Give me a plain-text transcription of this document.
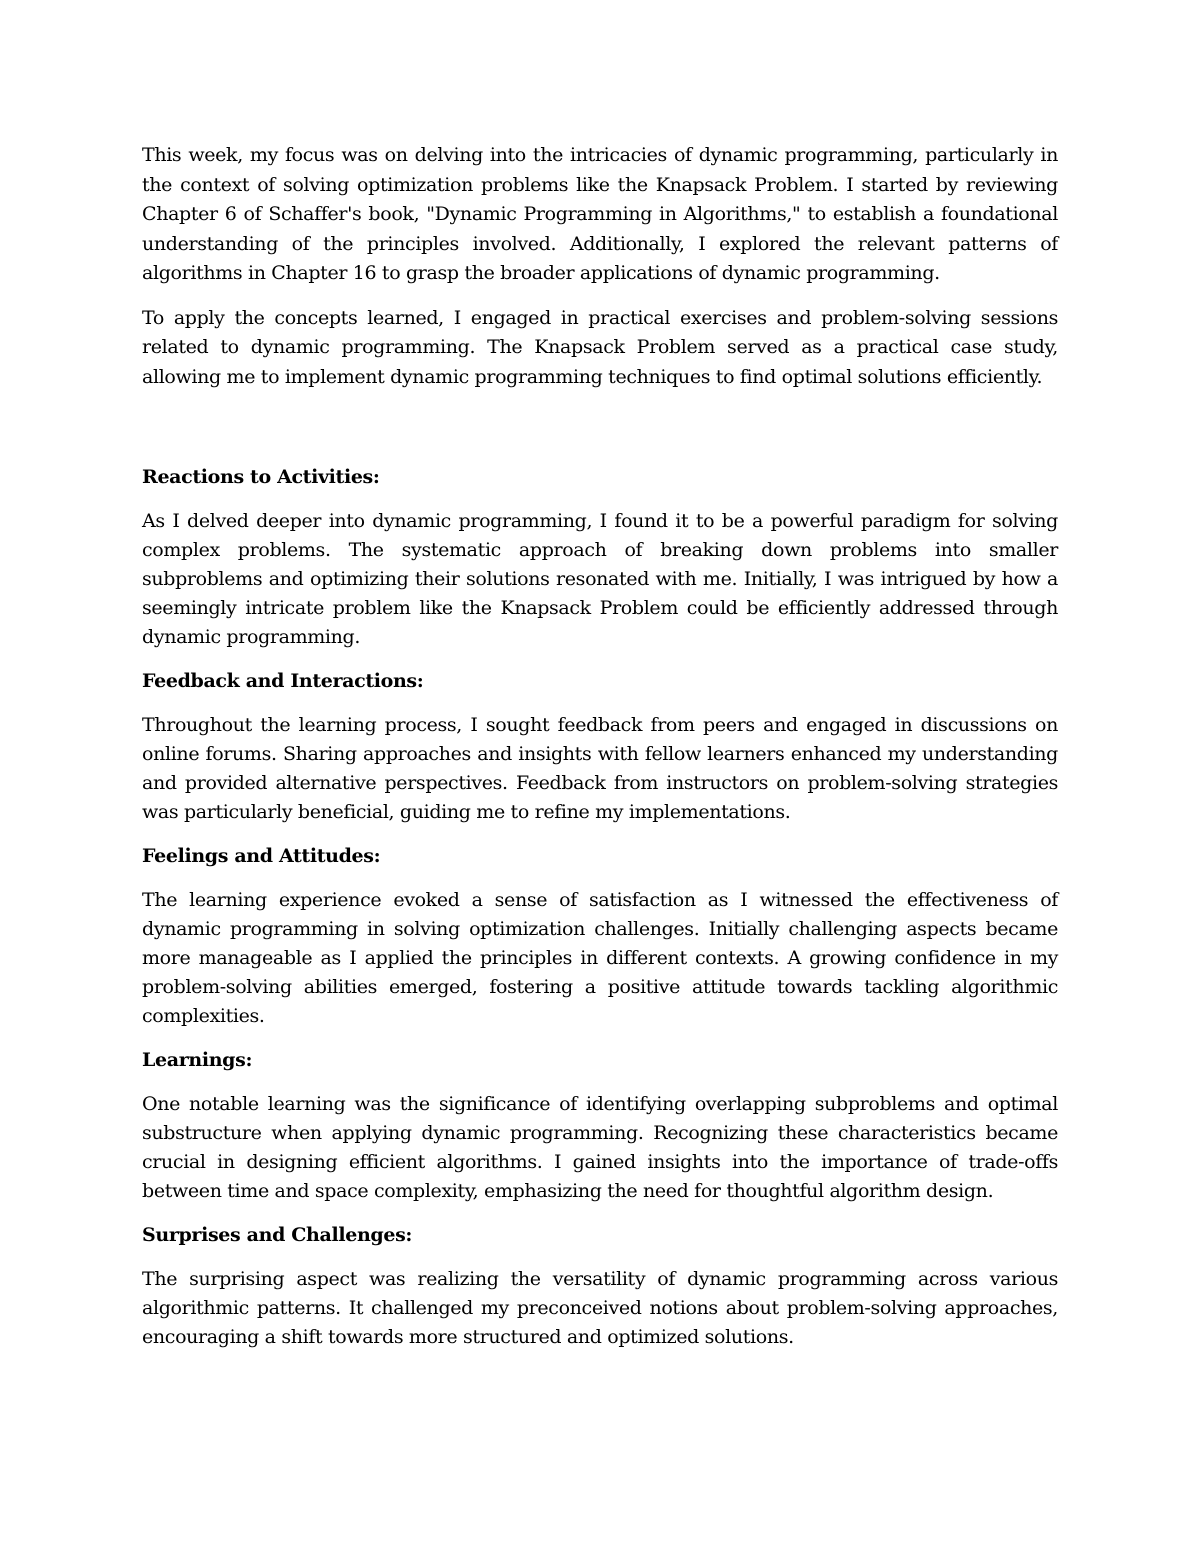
This week, my focus was on delving into the intricacies of dynamic programming, particularly in the context of solving optimization problems like the Knapsack Problem. I started by reviewing Chapter 6 of Schaffer's book, "Dynamic Programming in Algorithms," to establish a foundational understanding of the principles involved. Additionally, I explored the relevant patterns of algorithms in Chapter 16 to grasp the broader applications of dynamic programming.

To apply the concepts learned, I engaged in practical exercises and problem-solving sessions related to dynamic programming. The Knapsack Problem served as a practical case study, allowing me to implement dynamic programming techniques to find optimal solutions efficiently.

Reactions to Activities:

As I delved deeper into dynamic programming, I found it to be a powerful paradigm for solving complex problems. The systematic approach of breaking down problems into smaller subproblems and optimizing their solutions resonated with me. Initially, I was intrigued by how a seemingly intricate problem like the Knapsack Problem could be efficiently addressed through dynamic programming.

Feedback and Interactions:

Throughout the learning process, I sought feedback from peers and engaged in discussions on online forums. Sharing approaches and insights with fellow learners enhanced my understanding and provided alternative perspectives. Feedback from instructors on problem-solving strategies was particularly beneficial, guiding me to refine my implementations.

Feelings and Attitudes:

The learning experience evoked a sense of satisfaction as I witnessed the effectiveness of dynamic programming in solving optimization challenges. Initially challenging aspects became more manageable as I applied the principles in different contexts. A growing confidence in my problem-solving abilities emerged, fostering a positive attitude towards tackling algorithmic complexities.

Learnings:

One notable learning was the significance of identifying overlapping subproblems and optimal substructure when applying dynamic programming. Recognizing these characteristics became crucial in designing efficient algorithms. I gained insights into the importance of trade-offs between time and space complexity, emphasizing the need for thoughtful algorithm design.

Surprises and Challenges:

The surprising aspect was realizing the versatility of dynamic programming across various algorithmic patterns. It challenged my preconceived notions about problem-solving approaches, encouraging a shift towards more structured and optimized solutions.
